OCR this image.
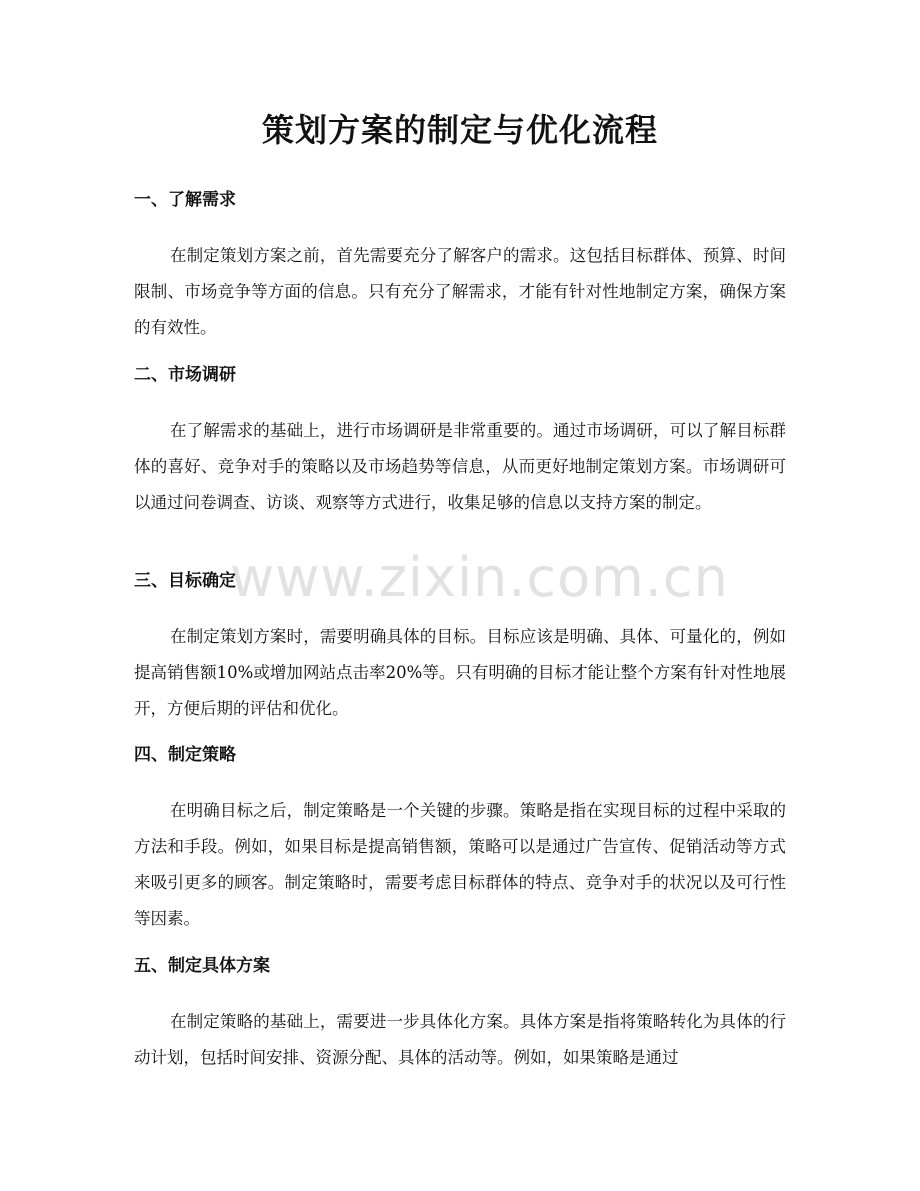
策划方案的制定与优化流程
一、了解需求

在制定策划方案之前，首先需要充分了解客户的需求。这包括目标群体、预算、时间限制、市场竞争等方面的信息。只有充分了解需求，才能有针对性地制定方案，确保方案的有效性。

二、市场调研

在了解需求的基础上，进行市场调研是非常重要的。通过市场调研，可以了解目标群体的喜好、竞争对手的策略以及市场趋势等信息，从而更好地制定策划方案。市场调研可以通过问卷调查、访谈、观察等方式进行，收集足够的信息以支持方案的制定。

三、目标确定

在制定策划方案时，需要明确具体的目标。目标应该是明确、具体、可量化的，例如提高销售额10%或增加网站点击率20%等。只有明确的目标才能让整个方案有针对性地展开，方便后期的评估和优化。

四、制定策略

在明确目标之后，制定策略是一个关键的步骤。策略是指在实现目标的过程中采取的方法和手段。例如，如果目标是提高销售额，策略可以是通过广告宣传、促销活动等方式来吸引更多的顾客。制定策略时，需要考虑目标群体的特点、竞争对手的状况以及可行性等因素。

五、制定具体方案

在制定策略的基础上，需要进一步具体化方案。具体方案是指将策略转化为具体的行动计划，包括时间安排、资源分配、具体的活动等。例如，如果策略是通过

www.zixin.com.cn
